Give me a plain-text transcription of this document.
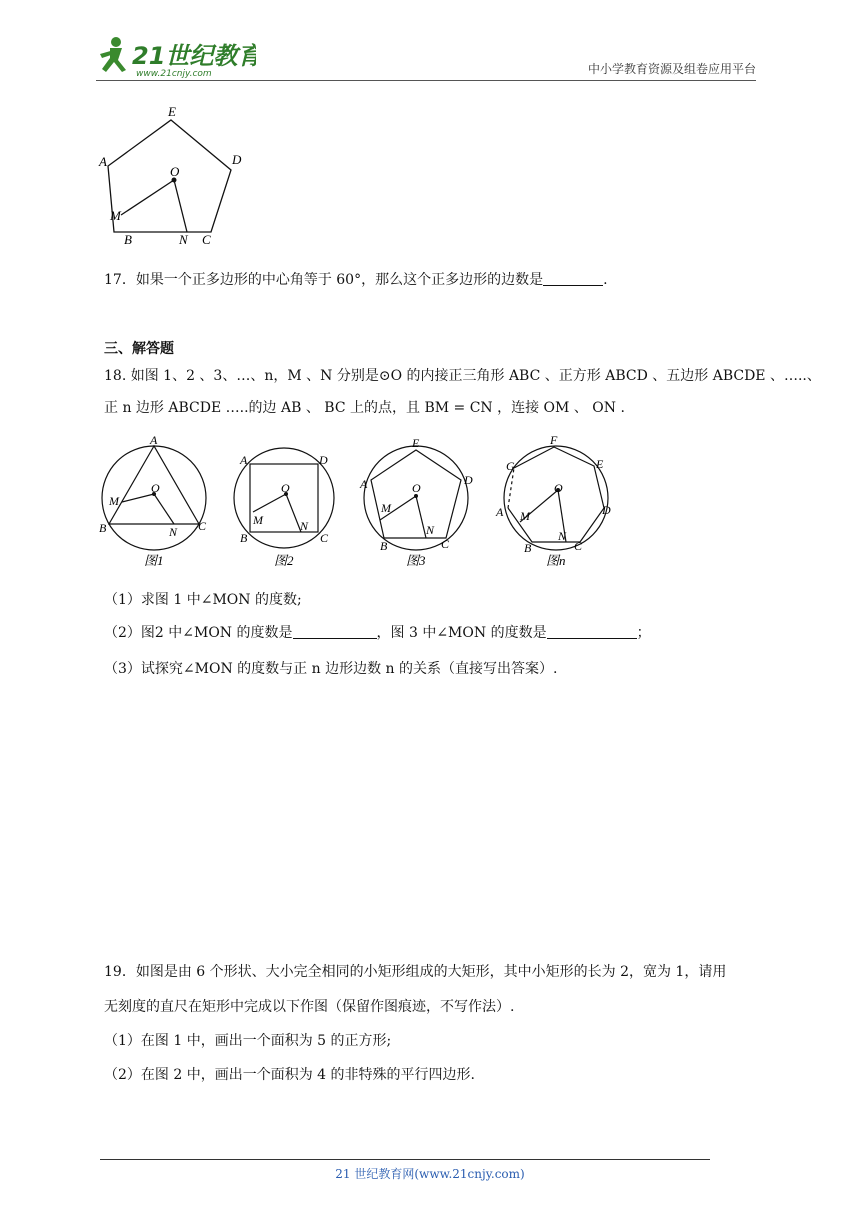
21世纪教育
www.21cnjy.com	中小学教育资源及组卷应用平台
E
A	D
O
M
B	N C
17．如果一个正多边形的中心角等于 60°，那么这个正多边形的边数是	.
三、解答题
18. 如图 1、2 、3、…、n，M 、N 分别是⊙O 的内接正三角形 ABC 、正方形 ABCD 、五边形 ABCDE 、…..、
正 n 边形 ABCDE …..的边 AB 、 BC 上的点，且 BM = CN ，连接 OM 、 ON .
A
M
O
B	N C
图1
A	D
O
M
B
N
C
图2
E
A	D
O
M
N
B	C
图3
F
G	E
O
A M	D
N
B	C
图n
（1）求图 1 中∠MON 的度数;
（2）图2 中∠MON 的度数是	，图 3 中∠MON 的度数是	；
（3）试探究∠MON 的度数与正 n 边形边数 n 的关系（直接写出答案）.
19．如图是由 6 个形状、大小完全相同的小矩形组成的大矩形，其中小矩形的长为 2，宽为 1，请用
无刻度的直尺在矩形中完成以下作图（保留作图痕迹，不写作法）.
（1）在图 1 中，画出一个面积为 5 的正方形;
（2）在图 2 中，画出一个面积为 4 的非特殊的平行四边形.
21 世纪教育网(www.21cnjy.com)
